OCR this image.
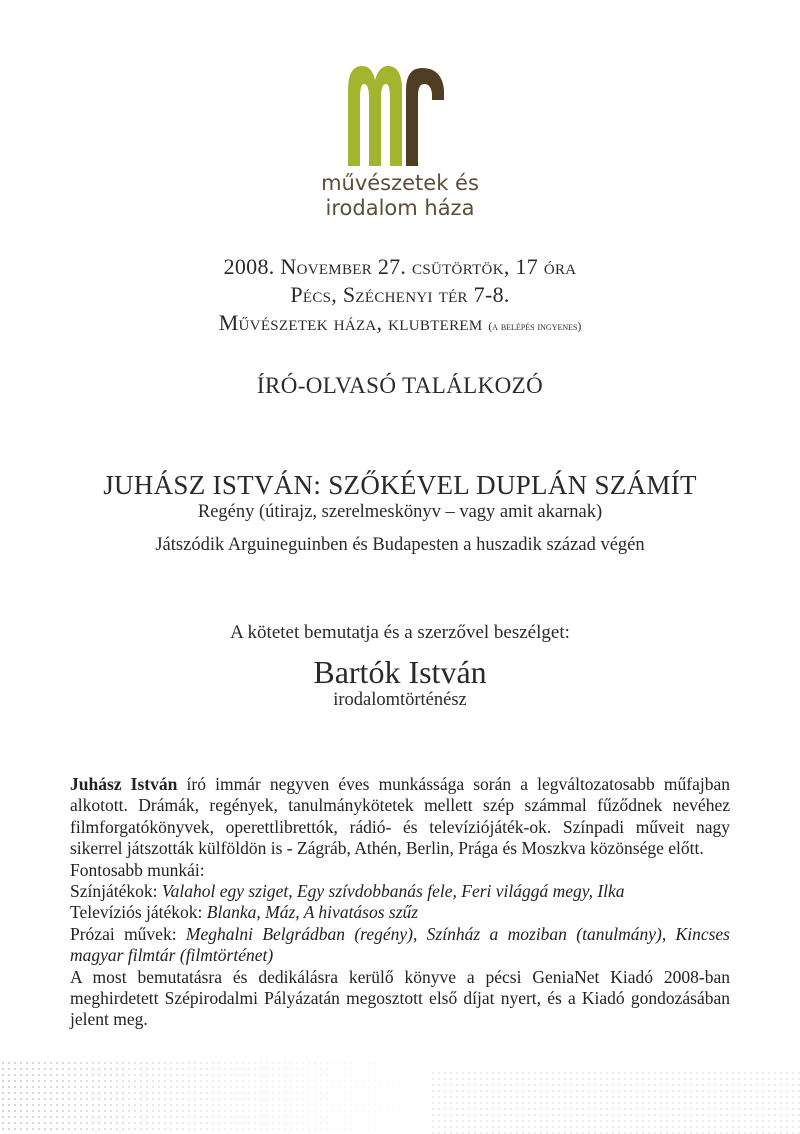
művészetek és
irodalom háza
2008. November 27. csütörtök, 17 óra
Pécs, Széchenyi tér 7-8.
Művészetek háza, klubterem (a belépés ingyenes)
ÍRÓ-OLVASÓ TALÁLKOZÓ
JUHÁSZ ISTVÁN: SZŐKÉVEL DUPLÁN SZÁMÍT
Regény (útirajz, szerelmeskönyv – vagy amit akarnak)
Játszódik Arguineguinben és Budapesten a huszadik század végén
A kötetet bemutatja és a szerzővel beszélget:
Bartók István
irodalomtörténész

Juhász István író immár negyven éves munkássága során a legváltozatosabb műfajban alkotott. Drámák, regények, tanulmánykötetek mellett szép számmal fűződnek nevéhez filmforgatókönyvek, operettlibrettók, rádió- és televíziójáték-ok. Színpadi műveit nagy sikerrel játszották külföldön is - Zágráb, Athén, Berlin, Prága és Moszkva közönsége előtt.

Fontosabb munkái:

Színjátékok: Valahol egy sziget, Egy szívdobbanás fele, Feri világgá megy, Ilka

Televíziós játékok: Blanka, Máz, A hivatásos szűz

Prózai művek: Meghalni Belgrádban (regény), Színház a moziban (tanulmány), Kincses magyar filmtár (filmtörténet)

A most bemutatásra és dedikálásra kerülő könyve a pécsi GeniaNet Kiadó 2008-ban meghirdetett Szépirodalmi Pályázatán megosztott első díjat nyert, és a Kiadó gondozásában jelent meg.
